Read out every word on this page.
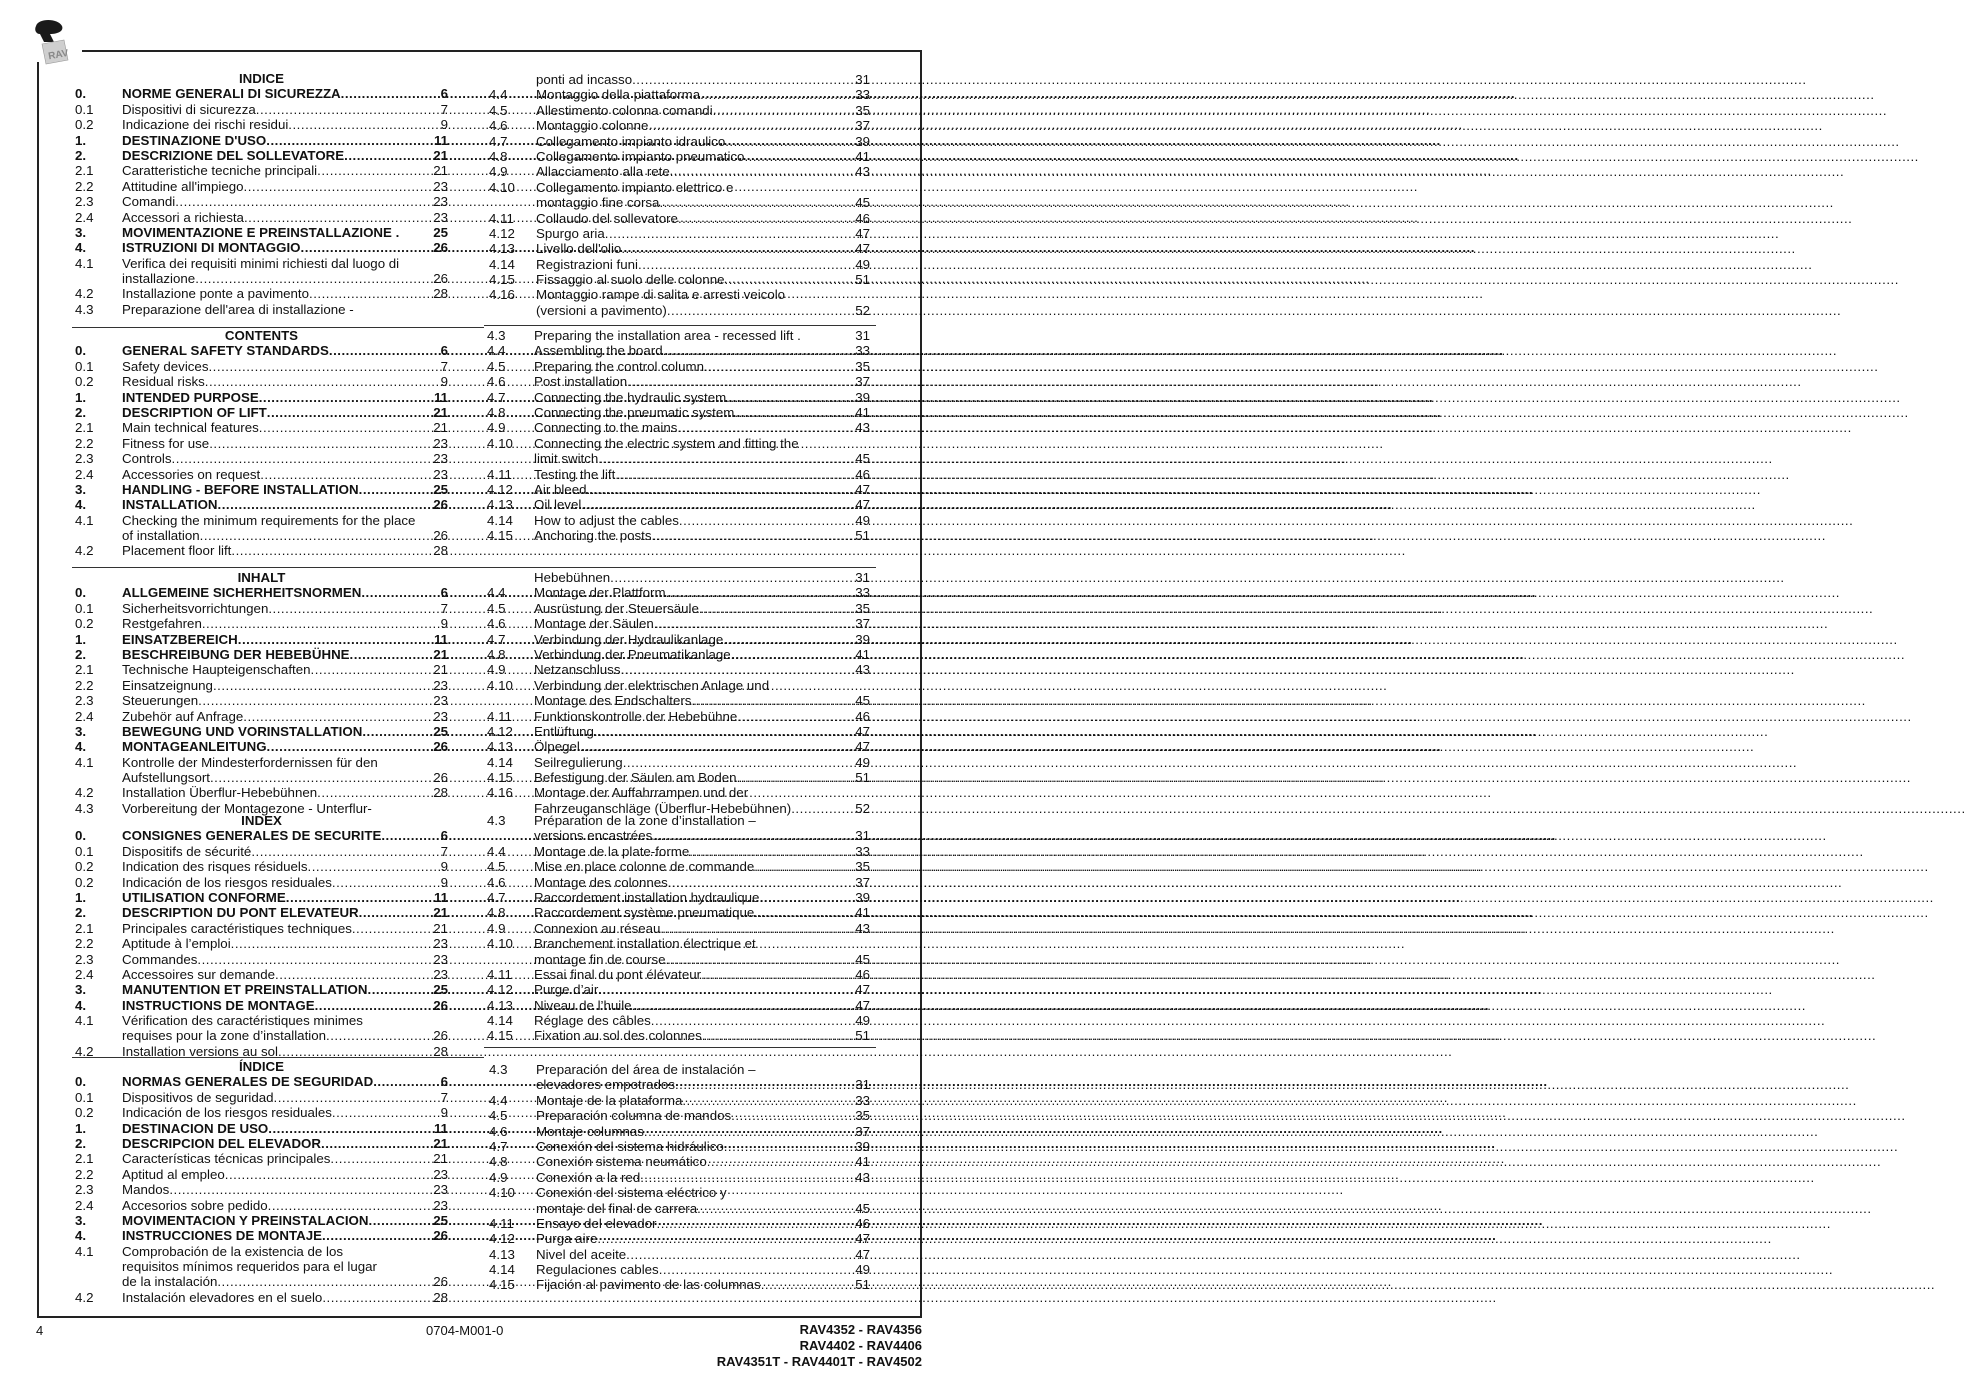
RAV
INDICE
0.	NORME GENERALI DI SICUREZZA .....	6
0.1	Dispositivi di sicurezza .....	7
0.2	Indicazione dei rischi residui .....	9
1.	DESTINAZIONE D'USO .....	11
2.	DESCRIZIONE DEL SOLLEVATORE .....	21
2.1	Caratteristiche tecniche principali .....	21
2.2	Attitudine all'impiego .....	23
2.3	Comandi .....	23
2.4	Accessori a richiesta .....	23
3.	MOVIMENTAZIONE E PREINSTALLAZIONE .	25
4.	ISTRUZIONI DI MONTAGGIO .....	26
4.1	Verifica dei requisiti minimi richiesti dal luogo di
installazione .....	26
4.2	Installazione ponte a pavimento .....	28
4.3	Preparazione dell'area di installazione -
ponti ad incasso .....	31
4.4	Montaggio della piattaforma .....	33
4.5	Allestimento colonna comandi .....	35
4.6	Montaggio colonne .....	37
4.7	Collegamento impianto idraulico .....	39
4.8	Collegamento impianto pneumatico .....	41
4.9	Allacciamento alla rete .....	43
4.10	Collegamento impianto elettrico e
montaggio fine corsa .....	45
4.11	Collaudo del sollevatore .....	46
4.12	Spurgo aria .....	47
4.13	Livello dell'olio .....	47
4.14	Registrazioni funi .....	49
4.15	Fissaggio al suolo delle colonne .....	51
4.16	Montaggio rampe di salita e arresti veicolo
(versioni a pavimento) .....	52
CONTENTS
0.	GENERAL SAFETY STANDARDS .....	6
0.1	Safety devices .....	7
0.2	Residual risks .....	9
1.	INTENDED PURPOSE .....	11
2.	DESCRIPTION OF LIFT .....	21
2.1	Main technical features .....	21
2.2	Fitness for use .....	23
2.3	Controls .....	23
2.4	Accessories on request .....	23
3.	HANDLING - BEFORE INSTALLATION .....	25
4.	INSTALLATION .....	26
4.1	Checking the minimum requirements for the place
of installation .....	26
4.2	Placement floor lift .....	28
4.3	Preparing the installation area - recessed lift .	31
4.4	Assembling the board .....	33
4.5	Preparing the control column .....	35
4.6	Post installation .....	37
4.7	Connecting the hydraulic system .....	39
4.8	Connecting the pneumatic system .....	41
4.9	Connecting to the mains .....	43
4.10	Connecting the electric system and fitting the
limit switch .....	45
4.11	Testing the lift .....	46
4.12	Air bleed .....	47
4.13	Oil level .....	47
4.14	How to adjust the cables .....	49
4.15	Anchoring the posts .....	51
INHALT
0.	ALLGEMEINE SICHERHEITSNORMEN .....	6
0.1	Sicherheitsvorrichtungen .....	7
0.2	Restgefahren .....	9
1.	EINSATZBEREICH .....	11
2.	BESCHREIBUNG DER HEBEBÜHNE .....	21
2.1	Technische Haupteigenschaften .....	21
2.2	Einsatzeignung .....	23
2.3	Steuerungen .....	23
2.4	Zubehör auf Anfrage .....	23
3.	BEWEGUNG UND VORINSTALLATION .....	25
4.	MONTAGEANLEITUNG .....	26
4.1	Kontrolle der Mindesterfordernissen für den
Aufstellungsort .....	26
4.2	Installation Überflur-Hebebühnen .....	28
4.3	Vorbereitung der Montagezone - Unterflur-
Hebebühnen .....	31
4.4	Montage der Plattform .....	33
4.5	Ausrüstung der Steuersäule .....	35
4.6	Montage der Säulen .....	37
4.7	Verbindung der Hydraulikanlage .....	39
4.8	Verbindung der Pneumatikanlage .....	41
4.9	Netzanschluss .....	43
4.10	Verbindung der elektrischen Anlage und
Montage des Endschalters .....	45
4.11	Funktionskontrolle der Hebebühne .....	46
4.12	Entlüftung .....	47
4.13	Ölpegel .....	47
4.14	Seilregulierung .....	49
4.15	Befestigung der Säulen am Boden .....	51
4.16	Montage der Auffahrrampen und der
Fahrzeuganschläge (Überflur-Hebebühnen) .....	52
INDEX
0.	CONSIGNES GENERALES DE SECURITE .....	6
0.1	Dispositifs de sécurité .....	7
0.2	Indication des risques résiduels .....	9
0.2	Indicación de los riesgos residuales .....	9
1.	UTILISATION CONFORME .....	11
2.	DESCRIPTION DU PONT ELEVATEUR .....	21
2.1	Principales caractéristiques techniques .....	21
2.2	Aptitude à l’emploi .....	23
2.3	Commandes .....	23
2.4	Accessoires sur demande .....	23
3.	MANUTENTION ET PREINSTALLATION .....	25
4.	INSTRUCTIONS DE MONTAGE .....	26
4.1	Vérification des caractéristiques minimes
requises pour la zone d’installation .....	26
4.2	Installation versions au sol .....	28
4.3	Préparation de la zone d’installation –
versions encastrées .....	31
4.4	Montage de la plate-forme .....	33
4.5	Mise en place colonne de commande .....	35
4.6	Montage des colonnes .....	37
4.7	Raccordement installation hydraulique .....	39
4.8	Raccordement système pneumatique .....	41
4.9	Connexion au réseau .....	43
4.10	Branchement installation électrique et
montage fin de course .....	45
4.11	Essai final du pont élévateur .....	46
4.12	Purge d’air .....	47
4.13	Niveau de l’huile .....	47
4.14	Réglage des câbles .....	49
4.15	Fixation au sol des colonnes .....	51
ÍNDICE
0.	NORMAS GENERALES DE SEGURIDAD .....	6
0.1	Dispositivos de seguridad .....	7
0.2	Indicación de los riesgos residuales .....	9
1.	DESTINACION DE USO .....	11
2.	DESCRIPCION DEL ELEVADOR .....	21
2.1	Características técnicas principales .....	21
2.2	Aptitud al empleo .....	23
2.3	Mandos .....	23
2.4	Accesorios sobre pedido .....	23
3.	MOVIMENTACION Y PREINSTALACION .....	25
4.	INSTRUCCIONES DE MONTAJE .....	26
4.1	Comprobación de la existencia de los
requisitos mínimos requeridos para el lugar
de la instalación .....	26
4.2	Instalación elevadores en el suelo .....	28
4.3	Preparación del área de instalación –
elevadores empotrados .....	31
4.4	Montaje de la plataforma .....	33
4.5	Preparación columna de mandos .....	35
4.6	Montaje columnas .....	37
4.7	Conexión del sistema hidráulico .....	39
4.8	Conexión sistema neumático .....	41
4.9	Conexión a la red .....	43
4.10	Conexión del sistema eléctrico y
montaje del final de carrera .....	45
4.11	Ensayo del elevador .....	46
4.12	Purga aire .....	47
4.13	Nivel del aceite .....	47
4.14	Regulaciones cables .....	49
4.15	Fijación al pavimento de las columnas .....	51
4	0704-M001-0	RAV4352 - RAV4356
RAV4402 - RAV4406
RAV4351T - RAV4401T - RAV4502
